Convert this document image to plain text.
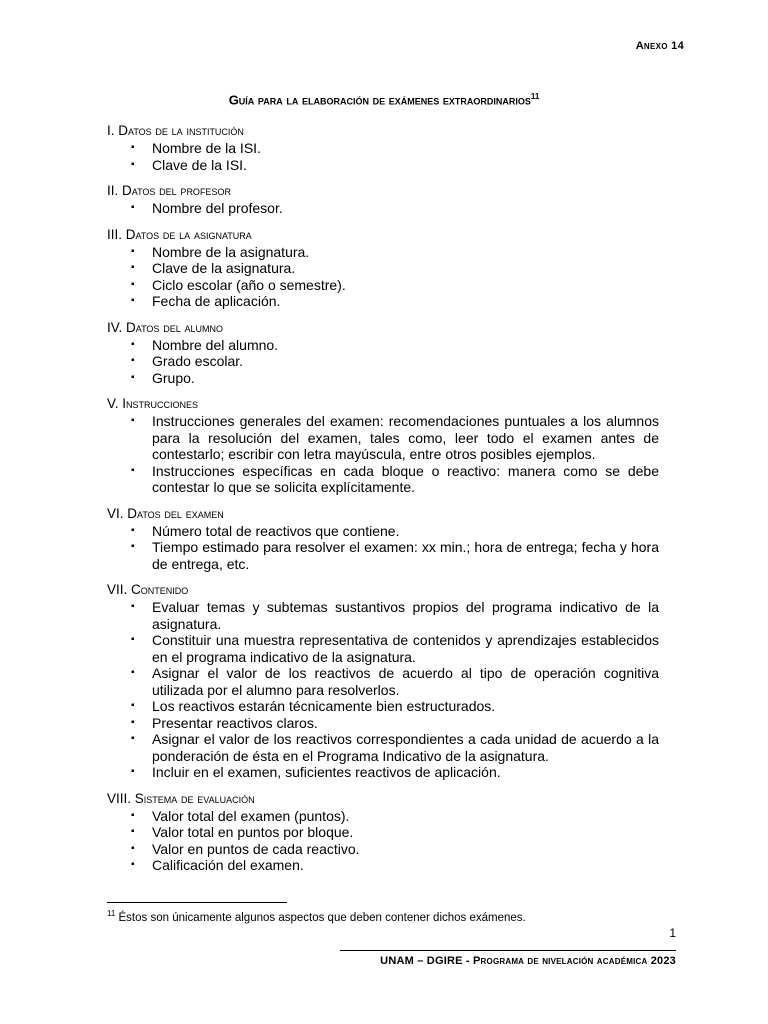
Anexo 14
Guía para la elaboración de exámenes extraordinarios$^{11}$
I. Datos de la institución
▪ Nombre de la ISI.
▪ Clave de la ISI.
II. Datos del profesor
▪ Nombre del profesor.
III. Datos de la asignatura
▪ Nombre de la asignatura.
▪ Clave de la asignatura.
▪ Ciclo escolar (año o semestre).
▪ Fecha de aplicación.
IV. Datos del alumno
▪ Nombre del alumno.
▪ Grado escolar.
▪ Grupo.
V. Instrucciones
▪ Instrucciones generales del examen: recomendaciones puntuales a los alumnos para la resolución del examen, tales como, leer todo el examen antes de contestarlo; escribir con letra mayúscula, entre otros posibles ejemplos.
▪ Instrucciones específicas en cada bloque o reactivo: manera como se debe contestar lo que se solicita explícitamente.
VI. Datos del examen
▪ Número total de reactivos que contiene.
▪ Tiempo estimado para resolver el examen: xx min.; hora de entrega; fecha y hora de entrega, etc.
VII. Contenido
▪ Evaluar temas y subtemas sustantivos propios del programa indicativo de la asignatura.
▪ Constituir una muestra representativa de contenidos y aprendizajes establecidos en el programa indicativo de la asignatura.
▪ Asignar el valor de los reactivos de acuerdo al tipo de operación cognitiva utilizada por el alumno para resolverlos.
▪ Los reactivos estarán técnicamente bien estructurados.
▪ Presentar reactivos claros.
▪ Asignar el valor de los reactivos correspondientes a cada unidad de acuerdo a la ponderación de ésta en el Programa Indicativo de la asignatura.
▪ Incluir en el examen, suficientes reactivos de aplicación.
VIII. Sistema de evaluación
▪ Valor total del examen (puntos).
▪ Valor total en puntos por bloque.
▪ Valor en puntos de cada reactivo.
▪ Calificación del examen.
$^{11}$ Éstos son únicamente algunos aspectos que deben contener dichos exámenes.
1
UNAM – DGIRE - Programa de nivelación académica 2023
